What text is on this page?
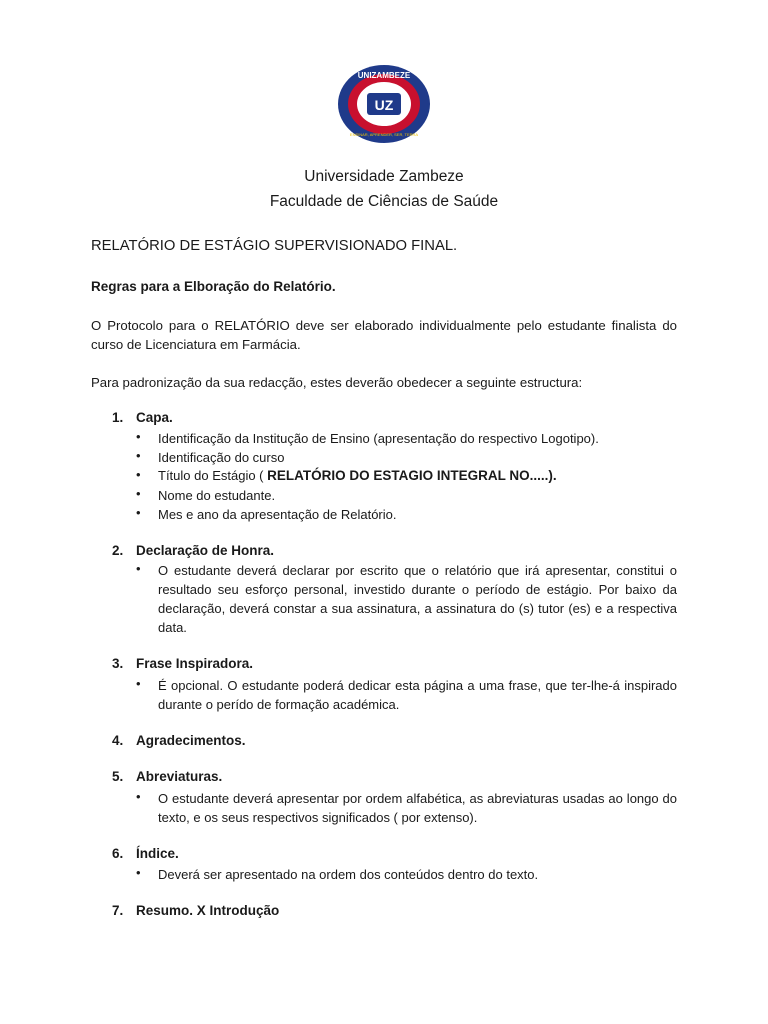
UZ
UNIZAMBEZE
ENSINAR, APRENDER, SER, TERRA
Universidade Zambeze
Faculdade de Ciências de Saúde
RELATÓRIO DE ESTÁGIO SUPERVISIONADO FINAL.
Regras para a Elboração do Relatório.
O Protocolo para o RELATÓRIO deve ser elaborado individualmente pelo estudante finalista do curso de Licenciatura em Farmácia.
Para padronização da sua redacção, estes deverão obedecer a seguinte estructura:
1. Capa.
• Identificação da Institução de Ensino (apresentação do respectivo Logotipo).
• Identificação do curso
• Título do Estágio ( RELATÓRIO DO ESTAGIO INTEGRAL NO.....).
• Nome do estudante.
• Mes e ano da apresentação de Relatório.
2. Declaração de Honra.
• O estudante deverá declarar por escrito que o relatório que irá apresentar, constitui o resultado seu esforço personal, investido durante o período de estágio. Por baixo da declaração, deverá constar a sua assinatura, a assinatura do (s) tutor (es) e a respectiva data.
3. Frase Inspiradora.
• É opcional. O estudante poderá dedicar esta página a uma frase, que ter-lhe-á inspirado durante o perído de formação académica.
4. Agradecimentos.
5. Abreviaturas.
• O estudante deverá apresentar por ordem alfabética, as abreviaturas usadas ao longo do texto, e os seus respectivos significados ( por extenso).
6. Índice.
• Deverá ser apresentado na ordem dos conteúdos dentro do texto.
7. Resumo. X Introdução
